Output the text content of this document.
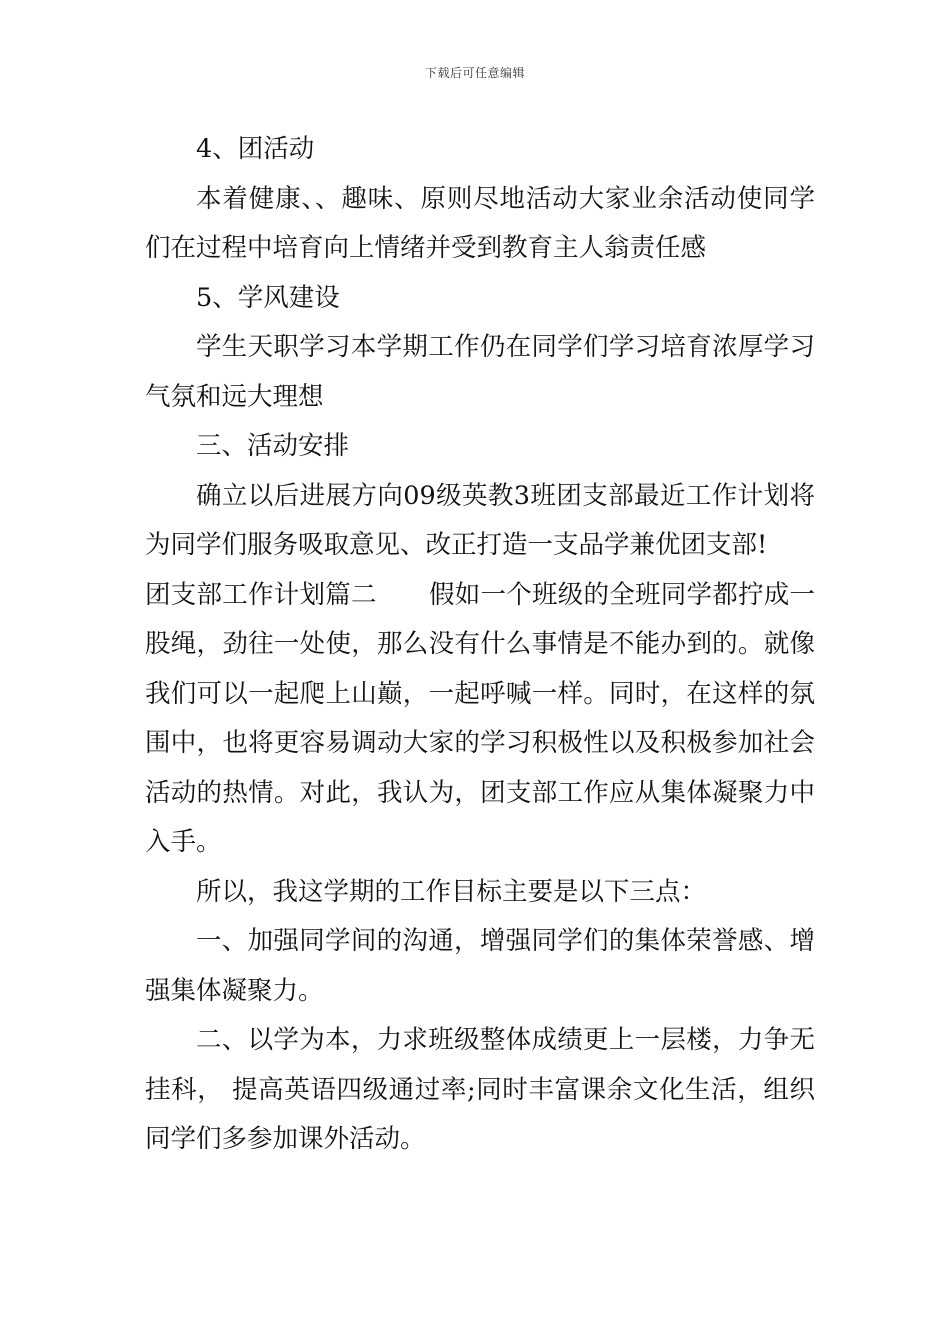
下载后可任意编辑

4、团活动

本着健康、、趣味、原则尽地活动大家业余活动使同学们在过程中培育向上情绪并受到教育主人翁责任感

5、学风建设

学生天职学习本学期工作仍在同学们学习培育浓厚学习气氛和远大理想

三、活动安排

确立以后进展方向09级英教3班团支部最近工作计划将为同学们服务吸取意见、改正打造一支品学兼优团支部!

团支部工作计划篇二 假如一个班级的全班同学都拧成一股绳，劲往一处使，那么没有什么事情是不能办到的。就像我们可以一起爬上山巅，一起呼喊一样。同时，在这样的氛围中，也将更容易调动大家的学习积极性以及积极参加社会活动的热情。对此，我认为，团支部工作应从集体凝聚力中入手。

所以，我这学期的工作目标主要是以下三点：

一、加强同学间的沟通，增强同学们的集体荣誉感、增强集体凝聚力。

二、以学为本，力求班级整体成绩更上一层楼，力争无挂科， 提高英语四级通过率;同时丰富课余文化生活，组织同学们多参加课外活动。
